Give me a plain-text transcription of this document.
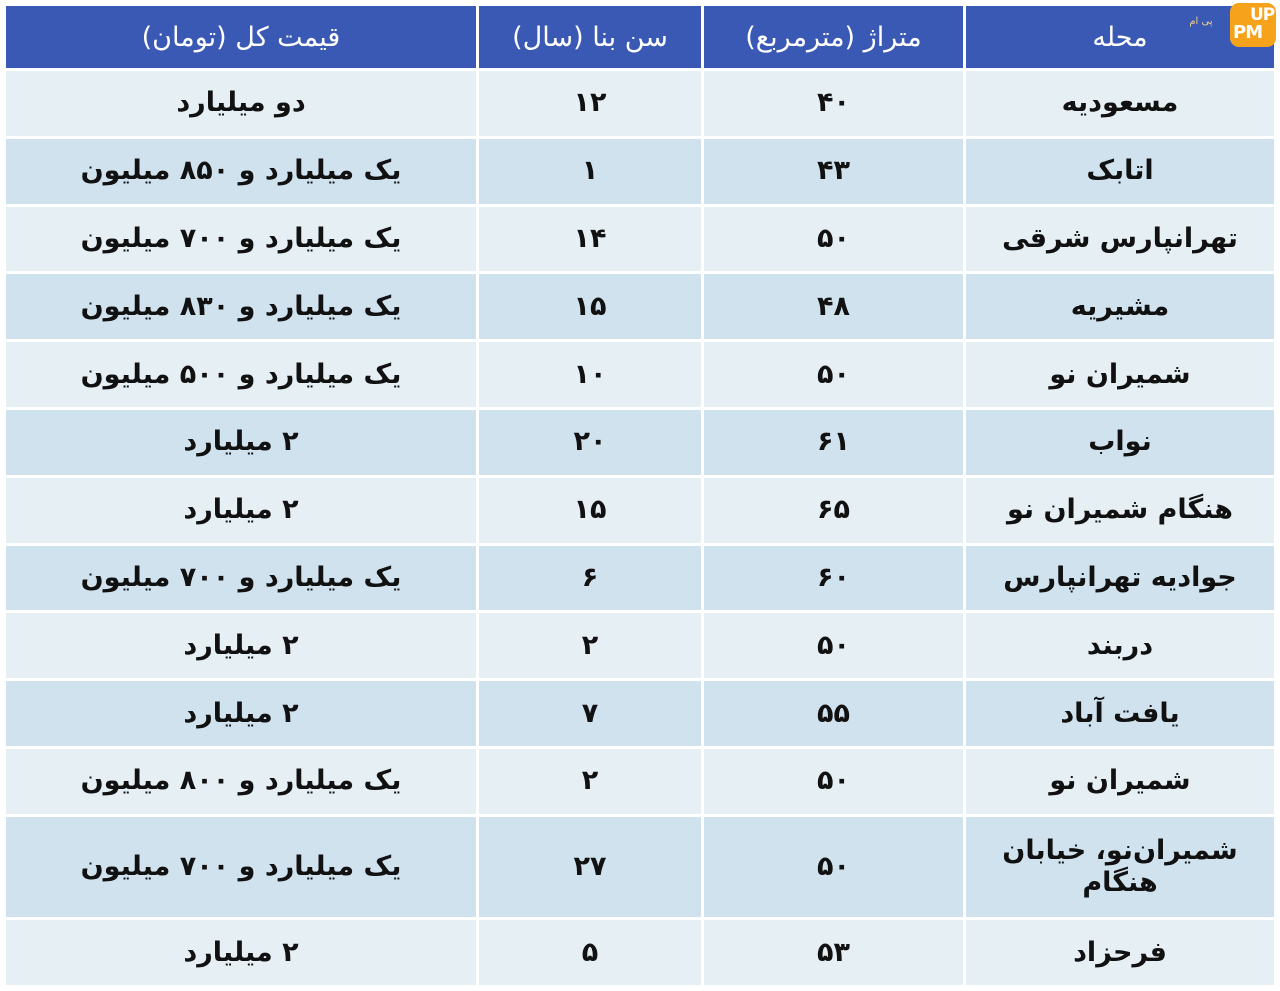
محله	متراژ (مترمربع)	سن بنا (سال)	قیمت کل (تومان)
مسعودیه	۴۰	۱۲	دو میلیارد
اتابک	۴۳	۱	یک میلیارد و ۸۵۰ میلیون
تهرانپارس شرقی	۵۰	۱۴	یک میلیارد و ۷۰۰ میلیون
مشیریه	۴۸	۱۵	یک میلیارد و ۸۳۰ میلیون
شمیران نو	۵۰	۱۰	یک میلیارد و ۵۰۰ میلیون
نواب	۶۱	۲۰	۲ میلیارد
هنگام شمیران نو	۶۵	۱۵	۲ میلیارد
جوادیه تهرانپارس	۶۰	۶	یک میلیارد و ۷۰۰ میلیون
دربند	۵۰	۲	۲ میلیارد
یافت آباد	۵۵	۷	۲ میلیارد
شمیران نو	۵۰	۲	یک میلیارد و ۸۰۰ میلیون
شمیران‌نو، خیابان هنگام	۵۰	۲۷	یک میلیارد و ۷۰۰ میلیون
فرحزاد	۵۳	۵	۲ میلیارد
پی ام	UP
PM
